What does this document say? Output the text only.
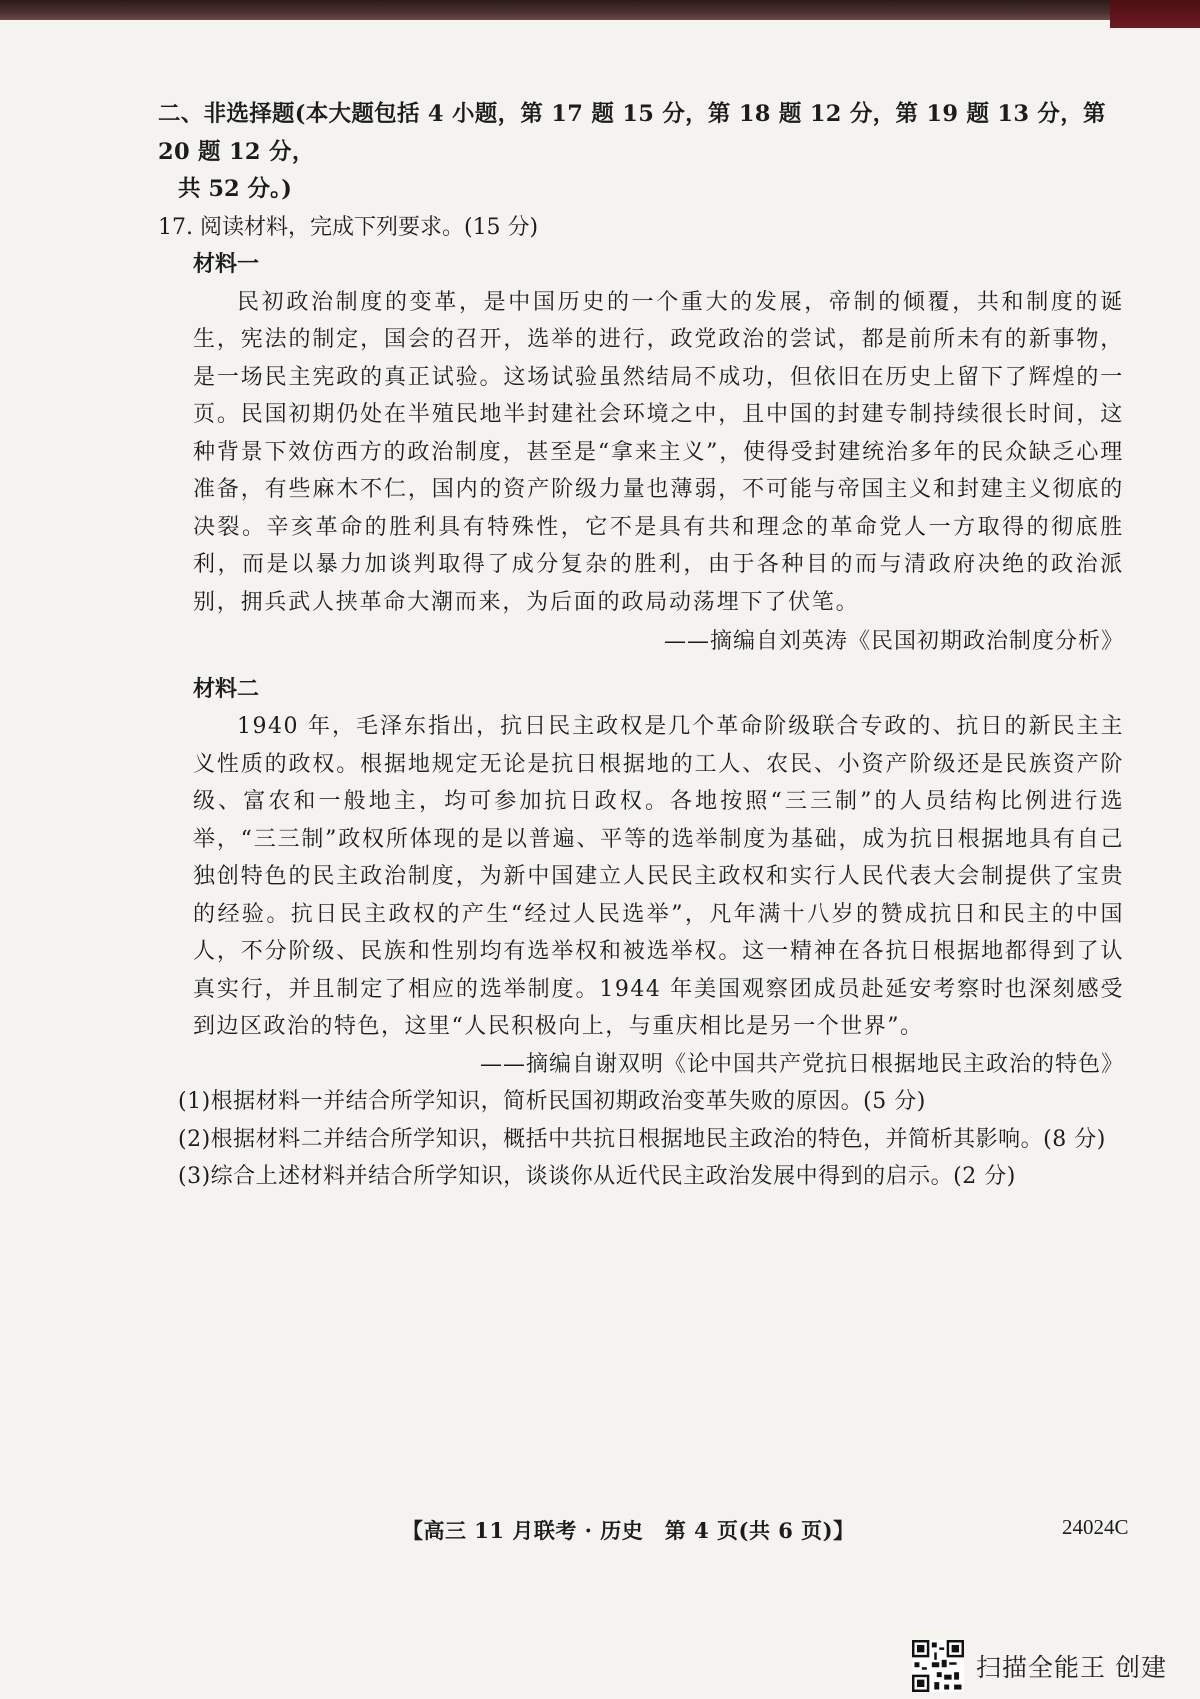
二、非选择题(本大题包括 4 小题，第 17 题 15 分，第 18 题 12 分，第 19 题 13 分，第 20 题 12 分，

共 52 分。)

17. 阅读材料，完成下列要求。(15 分)

材料一

民初政治制度的变革，是中国历史的一个重大的发展，帝制的倾覆，共和制度的诞生，宪法的制定，国会的召开，选举的进行，政党政治的尝试，都是前所未有的新事物，是一场民主宪政的真正试验。这场试验虽然结局不成功，但依旧在历史上留下了辉煌的一页。民国初期仍处在半殖民地半封建社会环境之中，且中国的封建专制持续很长时间，这种背景下效仿西方的政治制度，甚至是“拿来主义”，使得受封建统治多年的民众缺乏心理准备，有些麻木不仁，国内的资产阶级力量也薄弱，不可能与帝国主义和封建主义彻底的决裂。辛亥革命的胜利具有特殊性，它不是具有共和理念的革命党人一方取得的彻底胜利，而是以暴力加谈判取得了成分复杂的胜利，由于各种目的而与清政府决绝的政治派别，拥兵武人挟革命大潮而来，为后面的政局动荡埋下了伏笔。

——摘编自刘英涛《民国初期政治制度分析》

材料二

1940 年，毛泽东指出，抗日民主政权是几个革命阶级联合专政的、抗日的新民主主义性质的政权。根据地规定无论是抗日根据地的工人、农民、小资产阶级还是民族资产阶级、富农和一般地主，均可参加抗日政权。各地按照“三三制”的人员结构比例进行选举，“三三制”政权所体现的是以普遍、平等的选举制度为基础，成为抗日根据地具有自己独创特色的民主政治制度，为新中国建立人民民主政权和实行人民代表大会制提供了宝贵的经验。抗日民主政权的产生“经过人民选举”，凡年满十八岁的赞成抗日和民主的中国人，不分阶级、民族和性别均有选举权和被选举权。这一精神在各抗日根据地都得到了认真实行，并且制定了相应的选举制度。1944 年美国观察团成员赴延安考察时也深刻感受到边区政治的特色，这里“人民积极向上，与重庆相比是另一个世界”。

——摘编自谢双明《论中国共产党抗日根据地民主政治的特色》

(1)根据材料一并结合所学知识，简析民国初期政治变革失败的原因。(5 分)

(2)根据材料二并结合所学知识，概括中共抗日根据地民主政治的特色，并简析其影响。(8 分)

(3)综合上述材料并结合所学知识，谈谈你从近代民主政治发展中得到的启示。(2 分)

【高三 11 月联考 · 历史　第 4 页(共 6 页)】	24024C
扫描全能王 创建
